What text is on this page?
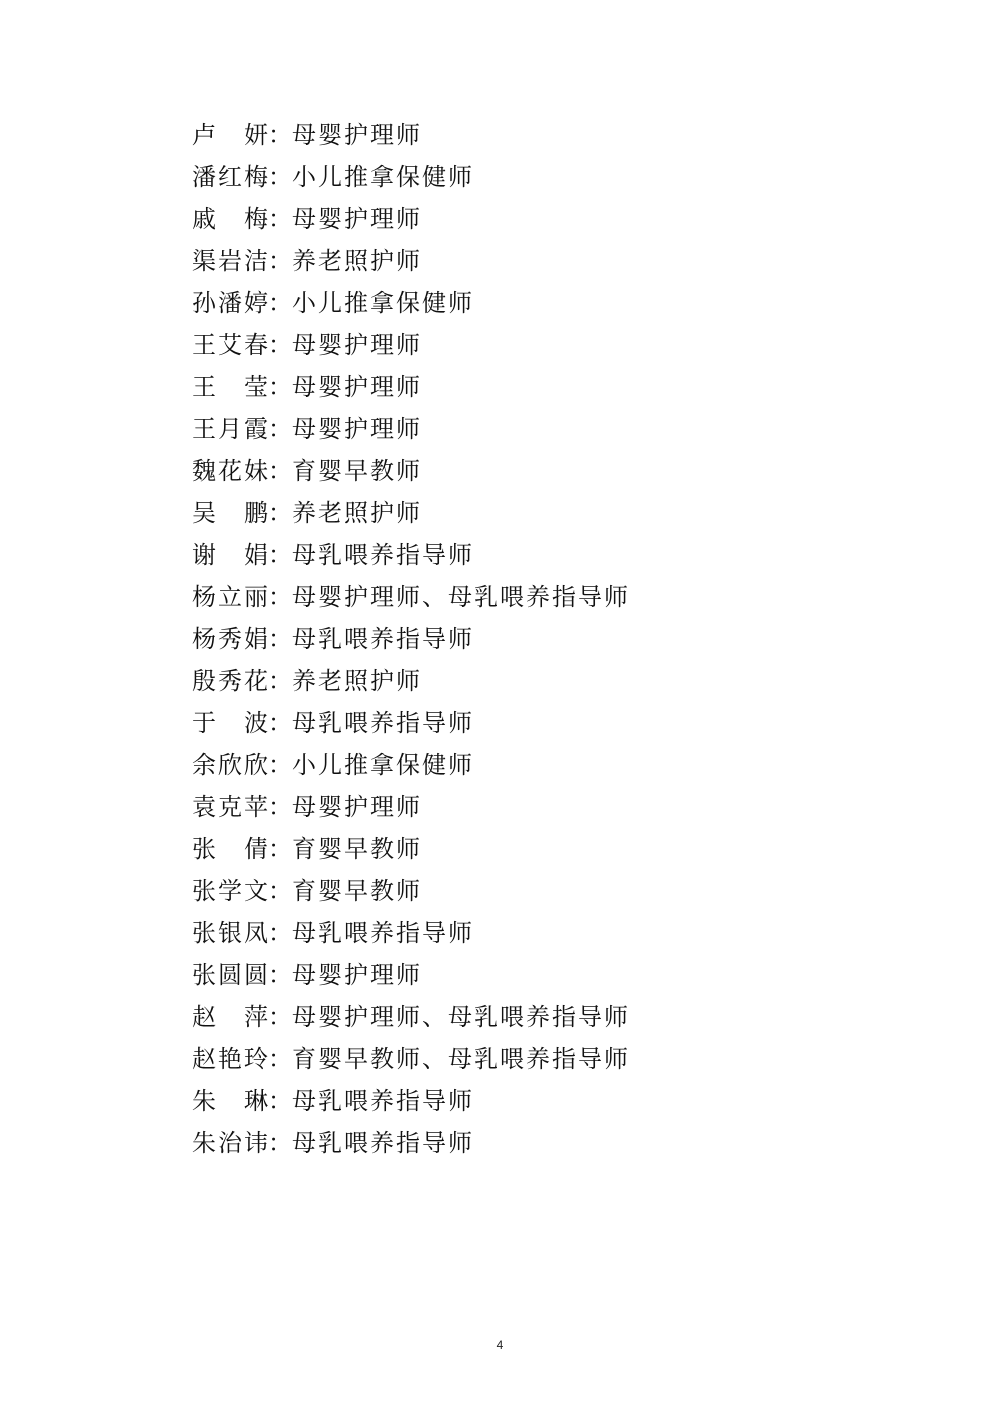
卢 妍 ： 母婴护理师
潘 红 梅 ： 小儿推拿保健师
戚 梅 ： 母婴护理师
渠 岩 洁 ： 养老照护师
孙 潘 婷 ： 小儿推拿保健师
王 艾 春 ： 母婴护理师
王 莹 ： 母婴护理师
王 月 霞 ： 母婴护理师
魏 花 妹 ： 育婴早教师
吴 鹏 ： 养老照护师
谢 娟 ： 母乳喂养指导师
杨 立 丽 ： 母婴护理师、母乳喂养指导师
杨 秀 娟 ： 母乳喂养指导师
殷 秀 花 ： 养老照护师
于 波 ： 母乳喂养指导师
余 欣 欣 ： 小儿推拿保健师
袁 克 苹 ： 母婴护理师
张 倩 ： 育婴早教师
张 学 文 ： 育婴早教师
张 银 凤 ： 母乳喂养指导师
张 圆 圆 ： 母婴护理师
赵 萍 ： 母婴护理师、母乳喂养指导师
赵 艳 玲 ： 育婴早教师、母乳喂养指导师
朱 琳 ： 母乳喂养指导师
朱 治 讳 ： 母乳喂养指导师
4
